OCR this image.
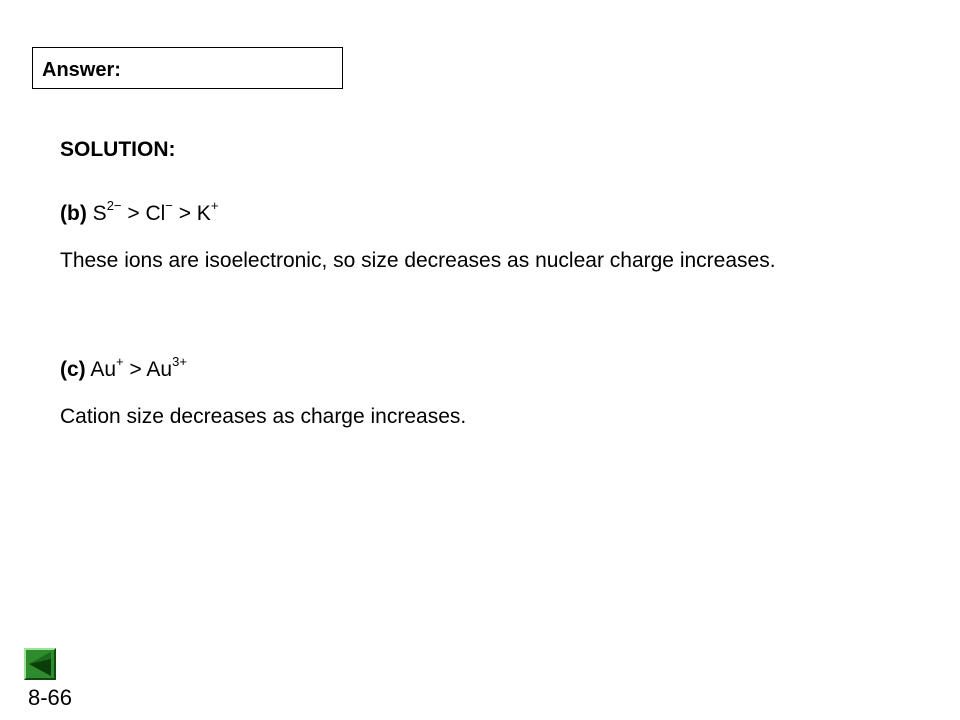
Answer:
SOLUTION:
(b) $S^{2-} > Cl^- > K^+$
These ions are isoelectronic, so size decreases as nuclear charge increases.
(c) $Au^+ > Au^{3+}$
Cation size decreases as charge increases.
8-66
